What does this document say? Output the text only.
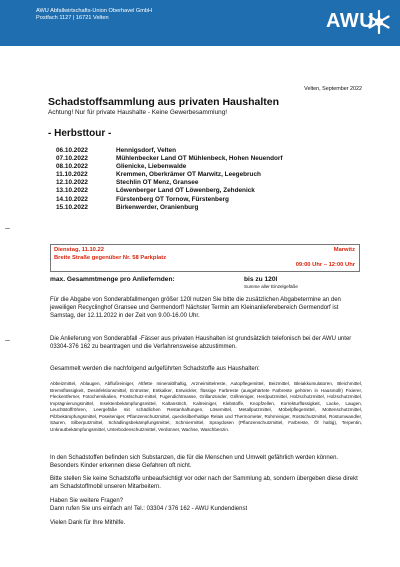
AWU Abfallwirtschafts-Union Oberhavel GmbH
Postfach 1127 | 16721 Velten	AWU
Velten, September 2022
Schadstoffsammlung aus privaten Haushalten
Achtung! Nur für private Haushalte - Keine Gewerbesammlung!
- Herbsttour -
06.10.2022	Hennigsdorf, Velten
07.10.2022	Mühlenbecker Land OT Mühlenbeck, Hohen Neuendorf
08.10.2022	Glienicke, Liebenwalde
11.10.2022	Kremmen, Oberkrämer OT Marwitz, Leegebruch
12.10.2022	Stechlin OT Menz, Gransee
13.10.2022	Löwenberger Land OT Löwenberg, Zehdenick
14.10.2022	Fürstenberg OT Tornow, Fürstenberg
15.10.2022	Birkenwerder, Oranienburg
Dienstag, 11.10.22
Breite Straße gegenüber Nr. 58 Parkplatz
Marwitz
09:00 Uhr – 12:00 Uhr
max. Gesammtmenge pro Anliefernden:	bis zu 120l
Summe aller Einzelgefäße
Für die Abgabe von Sonderabfallmengen größer 120l nutzen Sie bitte die zusätzlichen Abgabetermine an den jeweiligen Recyclinghof Gransee und Germendorf! Nächster Termin am Kleinanlieferebereich Germendorf ist Samstag, der 12.11.2022 in der Zeit von 9.00-16.00 Uhr.
Die Anlieferung von Sonderabfall -Fässer aus privaten Haushalten ist grundsätzlich telefonisch bei der AWU unter 03304-376 162 zu beantragen und die Verfahrensweise abzustimmen.
Gesammelt werden die nachfolgend aufgeführten Schadstoffe aus Haushalten:
Abbeizmittel, Ablaugen, Abflußreiniger, Altfette mineralölhaltig, Arzneimittelreste, Autopflegemittel, Beizmittel, Bleiakkumulatoren, Bleichmittel, Bremsflüssigkeit, Desinfektionsmittel, Entroster, Entkalker, Entwickler, flüssige Farbreste (ausgehärtete Farbreste gehören in Hausmüll!) Fixierer, Fleckentferner, Fotochemikalien, Frostschutz-mittel, Fugendichtmasse, Grillanzünder, Grillreiniger, Herdputzmittel, Holzschutzmittel, Holzschutzmittel, Imprägnierungsmittel, Insektenbekämpfungsmittel, Kaltanstrich, Kaltreiniger, Klebstoffe, Knopfzellen, Korrekturflüssigkeit, Lacke, Laugen, Leuchtstoffröhren, Leergefäße mit schädlichen Restanhaftungen, Lösemittel, Metallputzmittel, Möbelpflegemittel, Mottenschutzmittel, Pilzbekämpfungsmittel, Poseiteniger, Pflanzenschutzmittel, quecksilberhaltige Relais und Thermometer, Rohrreiniger, Rostschutzmittel, Rostumwandler, Säuren, Silberputzmittel, Schädlingsbekämpfungsmittel, Schmiermittel, Spraydosen (Pflanzenschutzmittel, Farbreste, Öl haltig), Terpentin, Unkrautbekämpfungsmittel, Unterbodenschutzmittel, Verdünner, Wachse, Waschbenzin.
In den Schadstoffen befinden sich Substanzen, die für die Menschen und Umwelt gefährlich werden können. Besonders Kinder erkennen diese Gefahren oft nicht.
Bitte stellen Sie keine Schadstoffe unbeaufsichtigt vor oder nach der Sammlung ab, sondern übergeben diese direkt am Schadstoffmobil unseren Mitarbeitern.
Haben Sie weitere Fragen?
Dann rufen Sie uns einfach an! Tel.: 03304 / 376 162 - AWU Kundendienst
Vielen Dank für Ihre Mithilfe.
